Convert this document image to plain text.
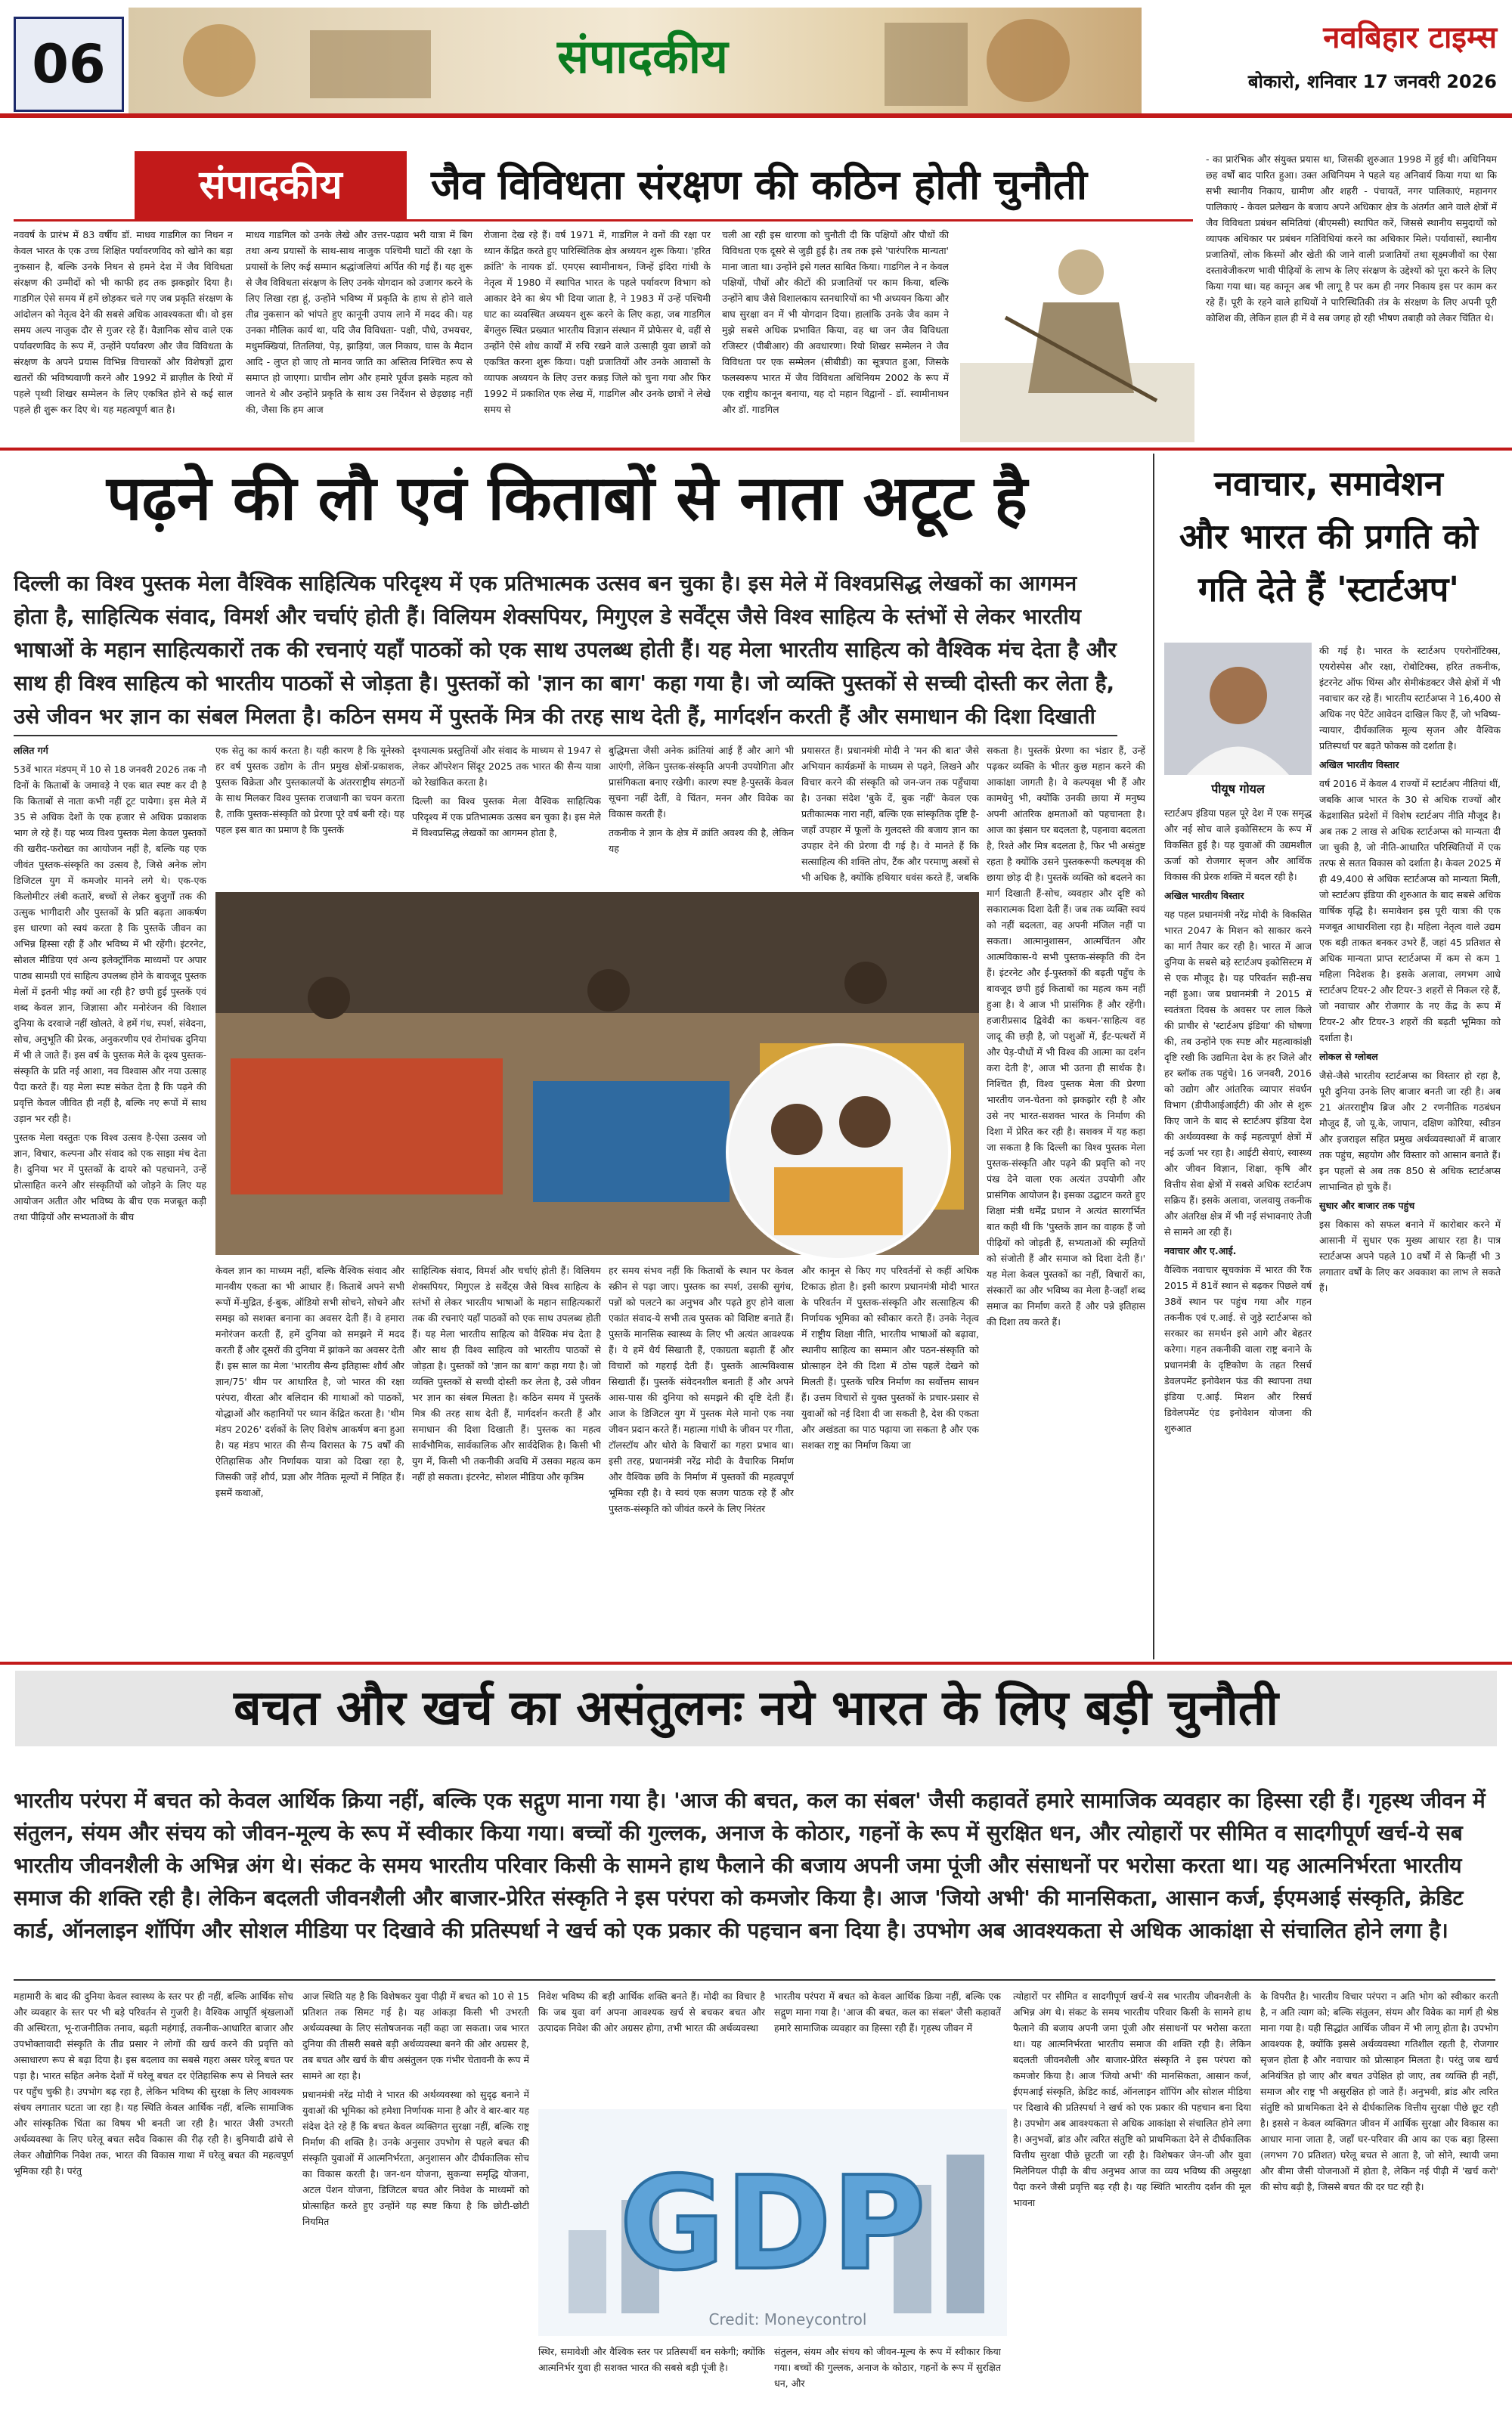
06	संपादकीय	नवबिहार टाइम्स
बोकारो, शनिवार 17 जनवरी 2026
संपादकीय	जैव विविधता संरक्षण की कठिन होती चुनौती
नववर्ष के प्रारंभ में 83 वर्षीय डॉ. माधव गाडगिल का निधन न केवल भारत के एक उच्च शिक्षित पर्यावरणविद को खोने का बड़ा नुकसान है, बल्कि उनके निधन से हमने देश में जैव विविधता संरक्षण की उम्मीदों को भी काफी हद तक झकझोर दिया है। गाडगिल ऐसे समय में हमें छोड़कर चले गए जब प्रकृति संरक्षण के आंदोलन को नेतृत्व देने की सबसे अधिक आवश्यकता थी। वो इस समय अल्प नाजुक दौर से गुजर रहे हैं। वैज्ञानिक सोच वाले एक पर्यावरणविद के रूप में, उन्होंने पर्यावरण और जैव विविधता के संरक्षण के अपने प्रयास विभिन्न विचारकों और विशेषज्ञों द्वारा खतरों की भविष्यवाणी करने और 1992 में ब्राज़ील के रियो में पहले पृथ्वी शिखर सम्मेलन के लिए एकत्रित होने से कई साल पहले ही शुरू कर दिए थे। यह महत्वपूर्ण बात है।
माधव गाडगिल को उनके लेखे और उत्तर-पढ़ाव भरी यात्रा में बिग तथा अन्य प्रयासों के साथ-साथ नाजुक पश्चिमी घाटों की रक्षा के प्रयासों के लिए कई सम्मान श्रद्धांजलियां अर्पित की गई हैं। यह शुरू से जैव विविधता संरक्षण के लिए उनके योगदान को उजागर करने के लिए लिखा रहा हूं, उन्होंने भविष्य में प्रकृति के हाथ से होने वाले तीव्र नुकसान को भांपते हुए कानूनी उपाय लाने में मदद की। यह उनका मौलिक कार्य था, यदि जैव विविधता- पक्षी, पौधे, उभयचर, मधुमक्खियां, तितलियां, पेड़, झाड़ियां, जल निकाय, घास के मैदान आदि - लुप्त हो जाए तो मानव जाति का अस्तित्व निश्चित रूप से समाप्त हो जाएगा। प्राचीन लोग और हमारे पूर्वज इसके महत्व को जानते थे और उन्होंने प्रकृति के साथ उस निर्देशन से छेड़छाड़ नहीं की, जैसा कि हम आज
रोजाना देख रहे हैं। वर्ष 1971 में, गाडगिल ने वनों की रक्षा पर ध्यान केंद्रित करते हुए पारिस्थितिक क्षेत्र अध्ययन शुरू किया। 'हरित क्रांति' के नायक डॉ. एमएस स्वामीनाथन, जिन्हें इंदिरा गांधी के नेतृत्व में 1980 में स्थापित भारत के पहले पर्यावरण विभाग को आकार देने का श्रेय भी दिया जाता है, ने 1983 में उन्हें पश्चिमी घाट का व्यवस्थित अध्ययन शुरू करने के लिए कहा, जब गाडगिल बेंगलुरु स्थित प्रख्यात भारतीय विज्ञान संस्थान में प्रोफेसर थे, वहीं से उन्होंने ऐसे शोध कार्यों में रुचि रखने वाले उत्साही युवा छात्रों को एकत्रित करना शुरू किया। पक्षी प्रजातियों और उनके आवासों के व्यापक अध्ययन के लिए उत्तर कन्नड़ जिले को चुना गया और फिर 1992 में प्रकाशित एक लेख में, गाडगिल और उनके छात्रों ने लेखे समय से
चली आ रही इस धारणा को चुनौती दी कि पक्षियों और पौधों की विविधता एक दूसरे से जुड़ी हुई है। तब तक इसे 'पारंपरिक मान्यता' माना जाता था। उन्होंने इसे गलत साबित किया। गाडगिल ने न केवल पक्षियों, पौधों और कीटों की प्रजातियों पर काम किया, बल्कि उन्होंने बाघ जैसे विशालकाय स्तनधारियों का भी अध्ययन किया और बाघ सुरक्षा वन में भी योगदान दिया। हालांकि उनके जैव काम ने मुझे सबसे अधिक प्रभावित किया, वह था जन जैव विविधता रजिस्टर (पीबीआर) की अवधारणा। रियो शिखर सम्मेलन ने जैव विविधता पर एक सम्मेलन (सीबीडी) का सूत्रपात हुआ, जिसके फलस्वरूप भारत में जैव विविधता अधिनियम 2002 के रूप में एक राष्ट्रीय कानून बनाया, यह दो महान विद्वानों - डॉ. स्वामीनाथन और डॉ. गाडगिल
- का प्रारंभिक और संयुक्त प्रयास था, जिसकी शुरुआत 1998 में हुई थी। अधिनियम छह वर्षों बाद पारित हुआ। उक्त अधिनियम ने पहले यह अनिवार्य किया गया था कि सभी स्थानीय निकाय, ग्रामीण और शहरी - पंचायतें, नगर पालिकाएं, महानगर पालिकाएं - केवल प्रलेखन के बजाय अपने अधिकार क्षेत्र के अंतर्गत आने वाले क्षेत्रों में जैव विविधता प्रबंधन समितियां (बीएमसी) स्थापित करें, जिससे स्थानीय समुदायों को व्यापक अधिकार पर प्रबंधन गतिविधियां करने का अधिकार मिले। पर्यावासों, स्थानीय प्रजातियों, लोक किस्मों और खेती की जाने वाली प्रजातियों तथा सूक्ष्मजीवों का ऐसा दस्तावेजीकरण भावी पीढ़ियों के लाभ के लिए संरक्षण के उद्देश्यों को पूरा करने के लिए किया गया था। यह कानून अब भी लागू है पर कम ही नगर निकाय इस पर काम कर रहे हैं। पूरी के रहने वाले हाथियों ने पारिस्थितिकी तंत्र के संरक्षण के लिए अपनी पूरी कोशिश की, लेकिन हाल ही में वे सब जगह हो रही भीषण तबाही को लेकर चिंतित थे।
पढ़ने की लौ एवं किताबों से नाता अटूट है
दिल्ली का विश्व पुस्तक मेला वैश्विक साहित्यिक परिदृश्य में एक प्रतिभात्मक उत्सव बन चुका है। इस मेले में विश्वप्रसिद्ध लेखकों का आगमन होता है, साहित्यिक संवाद, विमर्श और चर्चाएं होती हैं। विलियम शेक्सपियर, मिगुएल डे सर्वेंट्स जैसे विश्व साहित्य के स्तंभों से लेकर भारतीय भाषाओं के महान साहित्यकारों तक की रचनाएं यहाँ पाठकों को एक साथ उपलब्ध होती हैं। यह मेला भारतीय साहित्य को वैश्विक मंच देता है और साथ ही विश्व साहित्य को भारतीय पाठकों से जोड़ता है। पुस्तकों को 'ज्ञान का बाग' कहा गया है। जो व्यक्ति पुस्तकों से सच्ची दोस्ती कर लेता है, उसे जीवन भर ज्ञान का संबल मिलता है। कठिन समय में पुस्तकें मित्र की तरह साथ देती हैं, मार्गदर्शन करती हैं और समाधान की दिशा दिखाती

ललित गर्ग

53वें भारत मंडपम् में 10 से 18 जनवरी 2026 तक नौ दिनों के किताबों के जमावड़े ने एक बात स्पष्ट कर दी है कि किताबों से नाता कभी नहीं टूट पायेगा। इस मेले में 35 से अधिक देशों के एक हजार से अधिक प्रकाशक भाग ले रहे हैं। यह भव्य विश्व पुस्तक मेला केवल पुस्तकों की खरीद-फरोख्त का आयोजन नहीं है, बल्कि यह एक जीवंत पुस्तक-संस्कृति का उत्सव है, जिसे अनेक लोग डिजिटल युग में कमजोर मानने लगे थे। एक-एक किलोमीटर लंबी कतारें, बच्चों से लेकर बुजुर्गों तक की उत्सुक भागीदारी और पुस्तकों के प्रति बढ़ता आकर्षण इस धारणा को स्वयं करता है कि पुस्तकें जीवन का अभिन्न हिस्सा रही हैं और भविष्य में भी रहेंगी। इंटरनेट, सोशल मीडिया एवं अन्य इलेक्ट्रॉनिक माध्यमों पर अपार पाठ्य सामग्री एवं साहित्य उपलब्ध होने के बावजूद पुस्तक मेलों में इतनी भीड़ क्यों आ रही है? छपी हुई पुस्तकें एवं शब्द केवल ज्ञान, जिज्ञासा और मनोरंजन की विशाल दुनिया के दरवाजे नहीं खोलते, वे हमें गंध, स्पर्श, संवेदना, सोच, अनुभूति की प्रेरक, अनुकरणीय एवं रोमांचक दुनिया में भी ले जाते हैं। इस वर्ष के पुस्तक मेले के दृश्य पुस्तक-संस्कृति के प्रति नई आशा, नव विश्वास और नया उत्साह पैदा करते हैं। यह मेला स्पष्ट संकेत देता है कि पढ़ने की प्रवृत्ति केवल जीवित ही नहीं है, बल्कि नए रूपों में साथ उड़ान भर रही है।

पुस्तक मेला वस्तुतः एक विश्व उत्सव है-ऐसा उत्सव जो ज्ञान, विचार, कल्पना और संवाद को एक साझा मंच देता है। दुनिया भर में पुस्तकों के दायरे को पहचानने, उन्हें प्रोत्साहित करने और संस्कृतियों को जोड़ने के लिए यह आयोजन अतीत और भविष्य के बीच एक मजबूत कड़ी तथा पीढ़ियों और सभ्यताओं के बीच

एक सेतु का कार्य करता है। यही कारण है कि यूनेस्को हर वर्ष पुस्तक उद्योग के तीन प्रमुख क्षेत्रों-प्रकाशक, पुस्तक विक्रेता और पुस्तकालयों के अंतरराष्ट्रीय संगठनों के साथ मिलकर विश्व पुस्तक राजधानी का चयन करता है, ताकि पुस्तक-संस्कृति को प्रेरणा पूरे वर्ष बनी रहे। यह पहल इस बात का प्रमाण है कि पुस्तकें

दृश्यात्मक प्रस्तुतियों और संवाद के माध्यम से 1947 से लेकर ऑपरेशन सिंदूर 2025 तक भारत की सैन्य यात्रा को रेखांकित करता है।

दिल्ली का विश्व पुस्तक मेला वैश्विक साहित्यिक परिदृश्य में एक प्रतिभात्मक उत्सव बन चुका है। इस मेले में विश्वप्रसिद्ध लेखकों का आगमन होता है,

बुद्धिमत्ता जैसी अनेक क्रांतियां आई हैं और आगे भी आएंगी, लेकिन पुस्तक-संस्कृति अपनी उपयोगिता और प्रासंगिकता बनाए रखेगी। कारण स्पष्ट है-पुस्तकें केवल सूचना नहीं देतीं, वे चिंतन, मनन और विवेक का विकास करती हैं।

तकनीक ने ज्ञान के क्षेत्र में क्रांति अवश्य की है, लेकिन यह

केवल ज्ञान का माध्यम नहीं, बल्कि वैश्विक संवाद और मानवीय एकता का भी आधार हैं। किताबें अपने सभी रूपों में-मुद्रित, ई-बुक, ऑडियो सभी सोचने, सोचने और समझ को सशक्त बनाना का अवसर देती हैं। वे हमारा मनोरंजन करती हैं, हमें दुनिया को समझने में मदद करती हैं और दूसरों की दुनिया में झांकने का अवसर देती हैं। इस साल का मेला 'भारतीय सैन्य इतिहासः शौर्य और ज्ञान/75' थीम पर आधारित है, जो भारत की रक्षा परंपरा, वीरता और बलिदान की गाथाओं को पाठकों, योद्धाओं और कहानियों पर ध्यान केंद्रित करता है। 'थीम मंडप 2026' दर्शकों के लिए विशेष आकर्षण बना हुआ है। यह मंडप भारत की सैन्य विरासत के 75 वर्षों की ऐतिहासिक और निर्णायक यात्रा को दिखा रहा है, जिसकी जड़ें शौर्य, प्रज्ञा और नैतिक मूल्यों में निहित हैं। इसमें कथाओं,
साहित्यिक संवाद, विमर्श और चर्चाएं होती हैं। विलियम शेक्सपियर, मिगुएल डे सर्वेंट्स जैसे विश्व साहित्य के स्तंभों से लेकर भारतीय भाषाओं के महान साहित्यकारों तक की रचनाएं यहाँ पाठकों को एक साथ उपलब्ध होती हैं। यह मेला भारतीय साहित्य को वैश्विक मंच देता है और साथ ही विश्व साहित्य को भारतीय पाठकों से जोड़ता है। पुस्तकों को 'ज्ञान का बाग' कहा गया है। जो व्यक्ति पुस्तकों से सच्ची दोस्ती कर लेता है, उसे जीवन भर ज्ञान का संबल मिलता है। कठिन समय में पुस्तकें मित्र की तरह साथ देती हैं, मार्गदर्शन करती हैं और समाधान की दिशा दिखाती हैं। पुस्तक का महत्व सार्वभौमिक, सार्वकालिक और सार्वदेशिक है। किसी भी युग में, किसी भी तकनीकी अवधि में उसका महत्व कम नहीं हो सकता। इंटरनेट, सोशल मीडिया और कृत्रिम
हर समय संभव नहीं कि किताबों के स्थान पर केवल स्क्रीन से पढ़ा जाए। पुस्तक का स्पर्श, उसकी सुगंध, पन्नों को पलटने का अनुभव और पढ़ते हुए होने वाला एकांत संवाद-ये सभी तत्व पुस्तक को विशिष्ट बनाते हैं। पुस्तकें मानसिक स्वास्थ्य के लिए भी अत्यंत आवश्यक हैं। ये हमें धैर्य सिखाती हैं, एकाग्रता बढ़ाती हैं और विचारों को गहराई देती हैं। पुस्तकें आत्मविश्वास सिखाती हैं। पुस्तकें संवेदनशील बनाती हैं और अपने आस-पास की दुनिया को समझने की दृष्टि देती हैं। आज के डिजिटल युग में पुस्तक मेले मानो एक नया जीवन प्रदान करते हैं। महात्मा गांधी के जीवन पर गीता, टॉलस्टॉय और थोरो के विचारों का गहरा प्रभाव था। इसी तरह, प्रधानमंत्री नरेंद्र मोदी के वैचारिक निर्माण और वैश्विक छवि के निर्माण में पुस्तकों की महत्वपूर्ण भूमिका रही है। वे स्वयं एक सजग पाठक रहे हैं और पुस्तक-संस्कृति को जीवंत करने के लिए निरंतर
प्रयासरत हैं। प्रधानमंत्री मोदी ने 'मन की बात' जैसे अभियान कार्यक्रमों के माध्यम से पढ़ने, लिखने और विचार करने की संस्कृति को जन-जन तक पहुँचाया है। उनका संदेश 'बुके दें, बुक नहीं' केवल एक प्रतीकात्मक नारा नहीं, बल्कि एक सांस्कृतिक दृष्टि है-जहाँ उपहार में फूलों के गुलदस्ते की बजाय ज्ञान का उपहार देने की प्रेरणा दी गई है। वे मानते हैं कि सत्साहित्य की शक्ति तोप, टैंक और परमाणु अस्त्रों से भी अधिक है, क्योंकि हथियार धवंस करते हैं, जबकि
और कानून से किए गए परिवर्तनों से कहीं अधिक टिकाऊ होता है। इसी कारण प्रधानमंत्री मोदी भारत के परिवर्तन में पुस्तक-संस्कृति और सत्साहित्य की निर्णायक भूमिका को स्वीकार करते हैं। उनके नेतृत्व में राष्ट्रीय शिक्षा नीति, भारतीय भाषाओं को बढ़ावा, स्थानीय साहित्य का सम्मान और पठन-संस्कृति को प्रोत्साहन देने की दिशा में ठोस पहलें देखने को मिलती हैं। पुस्तकें चरित्र निर्माण का सर्वोत्तम साधन हैं। उत्तम विचारों से युक्त पुस्तकों के प्रचार-प्रसार से युवाओं को नई दिशा दी जा सकती है, देश की एकता और अखंडता का पाठ पढ़ाया जा सकता है और एक सशक्त राष्ट्र का निर्माण किया जा
सकता है। पुस्तकें प्रेरणा का भंडार हैं, उन्हें पढ़कर व्यक्ति के भीतर कुछ महान करने की आकांक्षा जागती है। वे कल्पवृक्ष भी हैं और कामधेनु भी, क्योंकि उनकी छाया में मनुष्य अपनी आंतरिक क्षमताओं को पहचानता है। आज का इंसान घर बदलता है, पहनावा बदलता है, रिश्ते और मित्र बदलता है, फिर भी असंतुष्ट रहता है क्योंकि उसने पुस्तकरूपी कल्पवृक्ष की छाया छोड़ दी है। पुस्तकें व्यक्ति को बदलने का मार्ग दिखाती हैं-सोच, व्यवहार और दृष्टि को सकारात्मक दिशा देती हैं। जब तक व्यक्ति स्वयं को नहीं बदलता, वह अपनी मंजिल नहीं पा सकता। आत्मानुशासन, आत्मचिंतन और आत्मविकास-ये सभी पुस्तक-संस्कृति की देन हैं। इंटरनेट और ई-पुस्तकों की बढ़ती पहुँच के बावजूद छपी हुई किताबों का महत्व कम नहीं हुआ है। वे आज भी प्रासंगिक हैं और रहेंगी। हजारीप्रसाद द्विवेदी का कथन-'साहित्य वह जादू की छड़ी है, जो पशुओं में, ईंट-पत्थरों में और पेड़-पौधों में भी विश्व की आत्मा का दर्शन करा देती है', आज भी उतना ही सार्थक है। निश्चित ही, विश्व पुस्तक मेला की प्रेरणा भारतीय जन-चेतना को झकझोर रही है और उसे नए भारत-सशक्त भारत के निर्माण की दिशा में प्रेरित कर रही है। सशक्त्र में यह कहा जा सकता है कि दिल्ली का विश्व पुस्तक मेला पुस्तक-संस्कृति और पढ़ने की प्रवृत्ति को नए पंख देने वाला एक अत्यंत उपयोगी और प्रासंगिक आयोजन है। इसका उद्घाटन करते हुए शिक्षा मंत्री धर्मेंद्र प्रधान ने अत्यंत सारगर्भित बात कही थी कि 'पुस्तकें ज्ञान का वाहक हैं जो पीढ़ियों को जोड़ती हैं, सभ्यताओं की स्मृतियों को संजोती हैं और समाज को दिशा देती हैं।' यह मेला केवल पुस्तकों का नहीं, विचारों का, संस्कारों का और भविष्य का मेला है-जहाँ शब्द समाज का निर्माण करते हैं और पन्ने इतिहास की दिशा तय करते हैं।
नवाचार, समावेशन
और भारत की प्रगति को
गति देते हैं 'स्टार्टअप'
पीयूष गोयल

की गई है। भारत के स्टार्टअप एयरोनॉटिक्स, एयरोस्पेस और रक्षा, रोबोटिक्स, हरित तकनीक, इंटरनेट ऑफ थिंग्स और सेमीकंडक्टर जैसे क्षेत्रों में भी नवाचार कर रहे हैं। भारतीय स्टार्टअप्स ने 16,400 से अधिक नए पेटेंट आवेदन दाखिल किए हैं, जो भविष्य-न्यायार, दीर्घकालिक मूल्य सृजन और वैश्विक प्रतिस्पर्धा पर बढ़ते फोकस को दर्शाता है।

अखिल भारतीय विस्तार

वर्ष 2016 में केवल 4 राज्यों में स्टार्टअप नीतियां थीं, जबकि आज भारत के 30 से अधिक राज्यों और केंद्रशासित प्रदेशों में विशेष स्टार्टअप नीति मौजूद है। अब तक 2 लाख से अधिक स्टार्टअप्स को मान्यता दी जा चुकी है, जो नीति-आधारित परिस्थितियों में एक तरफ से सतत विकास को दर्शाता है। केवल 2025 में ही 49,400 से अधिक स्टार्टअप्स को मान्यता मिली, जो स्टार्टअप इंडिया की शुरुआत के बाद सबसे अधिक वार्षिक वृद्धि है। समावेशन इस पूरी यात्रा की एक मजबूत आधारशिला रहा है। महिला नेतृत्व वाले उद्यम एक बड़ी ताकत बनकर उभरे हैं, जहां 45 प्रतिशत से अधिक मान्यता प्राप्त स्टार्टअप्स में कम से कम 1 महिला निदेशक है। इसके अलावा, लगभग आधे स्टार्टअप टियर-2 और टियर-3 शहरों से निकल रहे हैं, जो नवाचार और रोजगार के नए केंद्र के रूप में टियर-2 और टियर-3 शहरों की बढ़ती भूमिका को दर्शाता है।

लोकल से ग्लोबल

जैसे-जैसे भारतीय स्टार्टअप्स का विस्तार हो रहा है, पूरी दुनिया उनके लिए बाजार बनती जा रही है। अब 21 अंतरराष्ट्रीय ब्रिज और 2 रणनीतिक गठबंधन मौजूद हैं, जो यू.के, जापान, दक्षिण कोरिया, स्वीडन और इजराइल सहित प्रमुख अर्थव्यवस्थाओं में बाजार तक पहुंच, सहयोग और विस्तार को आसान बनाते हैं। इन पहलों से अब तक 850 से अधिक स्टार्टअप्स लाभान्वित हो चुके हैं।

सुधार और बाजार तक पहुंच

इस विकास को सफल बनाने में कारोबार करने में आसानी में सुधार एक मुख्य आधार रहा है। पात्र स्टार्टअप्स अपने पहले 10 वर्षों में से किन्हीं भी 3 लगातार वर्षों के लिए कर अवकाश का लाभ ले सकते हैं।

स्टार्टअप इंडिया पहल पूरे देश में एक समृद्ध और नई सोच वाले इकोसिस्टम के रूप में विकसित हुई है। यह युवाओं की उद्यमशील ऊर्जा को रोजगार सृजन और आर्थिक विकास की प्रेरक शक्ति में बदल रही है।

अखिल भारतीय विस्तार

यह पहल प्रधानमंत्री नरेंद्र मोदी के विकसित भारत 2047 के मिशन को साकार करने का मार्ग तैयार कर रही है। भारत में आज दुनिया के सबसे बड़े स्टार्टअप इकोसिस्टम में से एक मौजूद है। यह परिवर्तन सही-सच नहीं हुआ। जब प्रधानमंत्री ने 2015 में स्वतंत्रता दिवस के अवसर पर लाल किले की प्राचीर से 'स्टार्टअप इंडिया' की घोषणा की, तब उन्होंने एक स्पष्ट और महत्वाकांक्षी दृष्टि रखी कि उद्यमिता देश के हर जिले और हर ब्लॉक तक पहुंचे। 16 जनवरी, 2016 को उद्योग और आंतरिक व्यापार संवर्धन विभाग (डीपीआईआईटी) की ओर से शुरू किए जाने के बाद से स्टार्टअप इंडिया देश की अर्थव्यवस्था के कई महत्वपूर्ण क्षेत्रों में नई ऊर्जा भर रहा है। आईटी सेवाएं, स्वास्थ्य और जीवन विज्ञान, शिक्षा, कृषि और वित्तीय सेवा क्षेत्रों में सबसे अधिक स्टार्टअप सक्रिय हैं। इसके अलावा, जलवायु तकनीक और अंतरिक्ष क्षेत्र में भी नई संभावनाएं तेजी से सामने आ रही हैं।

नवाचार और ए.आई.

वैश्विक नवाचार सूचकांक में भारत की रैंक 2015 में 81वें स्थान से बढ़कर पिछले वर्ष 38वें स्थान पर पहुंच गया और गहन तकनीक एवं ए.आई. से जुड़े स्टार्टअप्स को सरकार का समर्थन इसे आगे और बेहतर करेगा। गहन तकनीकी वाला राष्ट्र बनाने के प्रधानमंत्री के दृष्टिकोण के तहत रिसर्च डेवलपमेंट इनोवेशन फंड की स्थापना तथा इंडिया ए.आई. मिशन और रिसर्च डिवेलपमेंट एंड इनोवेशन योजना की शुरुआत

बचत और खर्च का असंतुलनः नये भारत के लिए बड़ी चुनौती
भारतीय परंपरा में बचत को केवल आर्थिक क्रिया नहीं, बल्कि एक सद्गुण माना गया है। 'आज की बचत, कल का संबल' जैसी कहावतें हमारे सामाजिक व्यवहार का हिस्सा रही हैं। गृहस्थ जीवन में संतुलन, संयम और संचय को जीवन-मूल्य के रूप में स्वीकार किया गया। बच्चों की गुल्लक, अनाज के कोठार, गहनों के रूप में सुरक्षित धन, और त्योहारों पर सीमित व सादगीपूर्ण खर्च-ये सब भारतीय जीवनशैली के अभिन्न अंग थे। संकट के समय भारतीय परिवार किसी के सामने हाथ फैलाने की बजाय अपनी जमा पूंजी और संसाधनों पर भरोसा करता था। यह आत्मनिर्भरता भारतीय समाज की शक्ति रही है। लेकिन बदलती जीवनशैली और बाजार-प्रेरित संस्कृति ने इस परंपरा को कमजोर किया है। आज 'जियो अभी' की मानसिकता, आसान कर्ज, ईएमआई संस्कृति, क्रेडिट कार्ड, ऑनलाइन शॉपिंग और सोशल मीडिया पर दिखावे की प्रतिस्पर्धा ने खर्च को एक प्रकार की पहचान बना दिया है। उपभोग अब आवश्यकता से अधिक आकांक्षा से संचालित होने लगा है।
महामारी के बाद की दुनिया केवल स्वास्थ्य के स्तर पर ही नहीं, बल्कि आर्थिक सोच और व्यवहार के स्तर पर भी बड़े परिवर्तन से गुजरी है। वैश्विक आपूर्ति श्रृंखलाओं की अस्थिरता, भू-राजनीतिक तनाव, बढ़ती महंगाई, तकनीक-आधारित बाजार और उपभोक्तावादी संस्कृति के तीव्र प्रसार ने लोगों की खर्च करने की प्रवृत्ति को असाधारण रूप से बढ़ा दिया है। इस बदलाव का सबसे गहरा असर घरेलू बचत पर पड़ा है। भारत सहित अनेक देशों में घरेलू बचत दर ऐतिहासिक रूप से निचले स्तर पर पहुँच चुकी है। उपभोग बढ़ रहा है, लेकिन भविष्य की सुरक्षा के लिए आवश्यक संचय लगातार घटता जा रहा है। यह स्थिति केवल आर्थिक नहीं, बल्कि सामाजिक और सांस्कृतिक चिंता का विषय भी बनती जा रही है। भारत जैसी उभरती अर्थव्यवस्था के लिए घरेलू बचत सदैव विकास की रीढ़ रही है। बुनियादी ढांचे से लेकर औद्योगिक निवेश तक, भारत की विकास गाथा में घरेलू बचत की महत्वपूर्ण भूमिका रही है। परंतु

आज स्थिति यह है कि विशेषकर युवा पीढ़ी में बचत को 10 से 15 प्रतिशत तक सिमट गई है। यह आंकड़ा किसी भी उभरती अर्थव्यवस्था के लिए संतोषजनक नहीं कहा जा सकता। जब भारत दुनिया की तीसरी सबसे बड़ी अर्थव्यवस्था बनने की ओर अग्रसर है, तब बचत और खर्च के बीच असंतुलन एक गंभीर चेतावनी के रूप में सामने आ रहा है।

प्रधानमंत्री नरेंद्र मोदी ने भारत की अर्थव्यवस्था को सुदृढ़ बनाने में युवाओं की भूमिका को हमेशा निर्णायक माना है और वे बार-बार यह संदेश देते रहे हैं कि बचत केवल व्यक्तिगत सुरक्षा नहीं, बल्कि राष्ट्र निर्माण की शक्ति है। उनके अनुसार उपभोग से पहले बचत की संस्कृति युवाओं में आत्मनिर्भरता, अनुशासन और दीर्घकालिक सोच का विकास करती है। जन-धन योजना, सुकन्या समृद्धि योजना, अटल पेंशन योजना, डिजिटल बचत और निवेश के माध्यमों को प्रोत्साहित करते हुए उन्होंने यह स्पष्ट किया है कि छोटी-छोटी नियमित

निवेश भविष्य की बड़ी आर्थिक शक्ति बनते हैं। मोदी का विचार है कि जब युवा वर्ग अपना आवश्यक खर्च से बचकर बचत और उत्पादक निवेश की ओर अग्रसर होगा, तभी भारत की अर्थव्यवस्था
भारतीय परंपरा में बचत को केवल आर्थिक क्रिया नहीं, बल्कि एक सद्गुण माना गया है। 'आज की बचत, कल का संबल' जैसी कहावतें हमारे सामाजिक व्यवहार का हिस्सा रही हैं। गृहस्थ जीवन में
GDP
Credit: Moneycontrol
स्थिर, समावेशी और वैश्विक स्तर पर प्रतिस्पर्धी बन सकेगी; क्योंकि आत्मनिर्भर युवा ही सशक्त भारत की सबसे बड़ी पूंजी है।
संतुलन, संयम और संचय को जीवन-मूल्य के रूप में स्वीकार किया गया। बच्चों की गुल्लक, अनाज के कोठार, गहनों के रूप में सुरक्षित धन, और
त्योहारों पर सीमित व सादगीपूर्ण खर्च-ये सब भारतीय जीवनशैली के अभिन्न अंग थे। संकट के समय भारतीय परिवार किसी के सामने हाथ फैलाने की बजाय अपनी जमा पूंजी और संसाधनों पर भरोसा करता था। यह आत्मनिर्भरता भारतीय समाज की शक्ति रही है। लेकिन बदलती जीवनशैली और बाजार-प्रेरित संस्कृति ने इस परंपरा को कमजोर किया है। आज 'जियो अभी' की मानसिकता, आसान कर्ज, ईएमआई संस्कृति, क्रेडिट कार्ड, ऑनलाइन शॉपिंग और सोशल मीडिया पर दिखावे की प्रतिस्पर्धा ने खर्च को एक प्रकार की पहचान बना दिया है। उपभोग अब आवश्यकता से अधिक आकांक्षा से संचालित होने लगा है। अनुभवों, ब्रांड और त्वरित संतुष्टि को प्राथमिकता देने से दीर्घकालिक वित्तीय सुरक्षा पीछे छूटती जा रही है। विशेषकर जेन-जी और युवा मिलेनियल पीढ़ी के बीच अनुभव आज का व्यय भविष्य की असुरक्षा पैदा करने जैसी प्रवृत्ति बढ़ रही है। यह स्थिति भारतीय दर्शन की मूल भावना
के विपरीत है। भारतीय विचार परंपरा न अति भोग को स्वीकार करती है, न अति त्याग को; बल्कि संतुलन, संयम और विवेक का मार्ग ही श्रेष्ठ माना गया है। यही सिद्धांत आर्थिक जीवन में भी लागू होता है। उपभोग आवश्यक है, क्योंकि इससे अर्थव्यवस्था गतिशील रहती है, रोजगार सृजन होता है और नवाचार को प्रोत्साहन मिलता है। परंतु जब खर्च अनियंत्रित हो जाए और बचत उपेक्षित हो जाए, तब व्यक्ति ही नहीं, समाज और राष्ट्र भी असुरक्षित हो जाते हैं। अनुभवी, ब्रांड और त्वरित संतुष्टि को प्राथमिकता देने से दीर्घकालिक वित्तीय सुरक्षा पीछे छूट रही है। इससे न केवल व्यक्तिगत जीवन में आर्थिक सुरक्षा और विकास का आधार माना जाता है, जहाँ घर-परिवार की आय का एक बड़ा हिस्सा (लगभग 70 प्रतिशत) घरेलू बचत से आता है, जो सोने, स्थायी जमा और बीमा जैसी योजनाओं में होता है, लेकिन नई पीढ़ी में 'खर्च करो' की सोच बढ़ी है, जिससे बचत की दर घट रही है।
